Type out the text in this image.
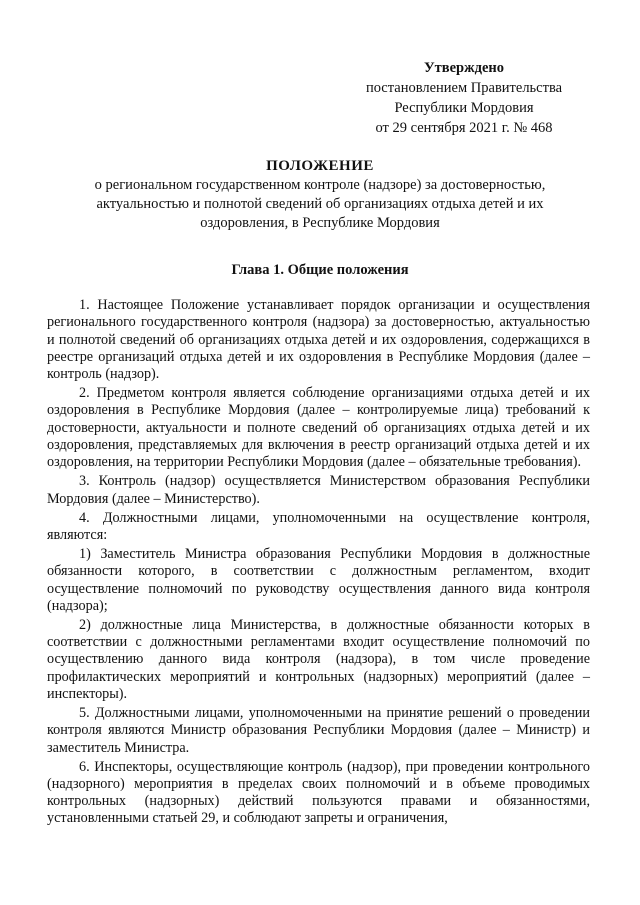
Утверждено
постановлением Правительства
Республики Мордовия
от 29 сентября 2021 г. № 468
ПОЛОЖЕНИЕ
о региональном государственном контроле (надзоре) за достоверностью,
актуальностью и полнотой сведений об организациях отдыха детей и их
оздоровления, в Республике Мордовия
Глава 1. Общие положения

1. Настоящее Положение устанавливает порядок организации и осуществления регионального государственного контроля (надзора) за достоверностью, актуальностью и полнотой сведений об организациях отдыха детей и их оздоровления, содержащихся в реестре организаций отдыха детей и их оздоровления в Республике Мордовия (далее – контроль (надзор).

2. Предметом контроля является соблюдение организациями отдыха детей и их оздоровления в Республике Мордовия (далее – контролируемые лица) требований к достоверности, актуальности и полноте сведений об организациях отдыха детей и их оздоровления, представляемых для включения в реестр организаций отдыха детей и их оздоровления, на территории Республики Мордовия (далее – обязательные требования).

3. Контроль (надзор) осуществляется Министерством образования Республики Мордовия (далее – Министерство).

4. Должностными лицами, уполномоченными на осуществление контроля, являются:

1) Заместитель Министра образования Республики Мордовия в должностные обязанности которого, в соответствии с должностным регламентом, входит осуществление полномочий по руководству осуществления данного вида контроля (надзора);

2) должностные лица Министерства, в должностные обязанности которых в соответствии с должностными регламентами входит осуществление полномочий по осуществлению данного вида контроля (надзора), в том числе проведение профилактических мероприятий и контрольных (надзорных) мероприятий (далее – инспекторы).

5. Должностными лицами, уполномоченными на принятие решений о проведении контроля являются Министр образования Республики Мордовия (далее – Министр) и заместитель Министра.

6. Инспекторы, осуществляющие контроль (надзор), при проведении контрольного (надзорного) мероприятия в пределах своих полномочий и в объеме проводимых контрольных (надзорных) действий пользуются правами и обязанностями, установленными статьей 29, и соблюдают запреты и ограничения,
